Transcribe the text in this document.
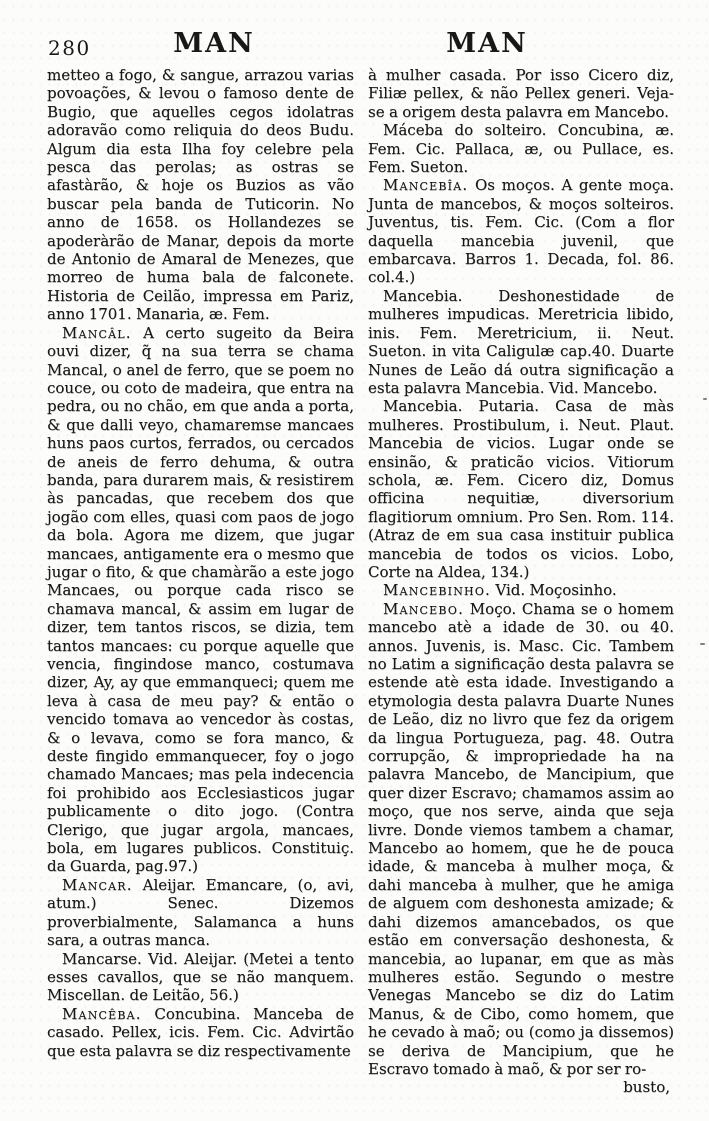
280	MAN	MAN

metteo a fogo, & sangue, arrazou varias povoações, & levou o famoso dente de Bugio, que aquelles cegos idolatras adoravão como reliquia do deos Budu. Algum dia esta Ilha foy celebre pela pesca das perolas; as ostras se afastàrão, & hoje os Buzios as vão buscar pela banda de Tuticorin. No anno de 1658. os Hollandezes se apoderàrão de Manar, depois da morte de Antonio de Amaral de Menezes, que morreo de huma bala de falconete. Historia de Ceilão, impressa em Pariz, anno 1701. Manaria, æ. Fem.

Mancâl. A certo sugeito da Beira ouvi dizer, q̃ na sua terra se chama Mancal, o anel de ferro, que se poem no couce, ou coto de madeira, que entra na pedra, ou no chão, em que anda a porta, & que dalli veyo, chamaremse mancaes huns paos curtos, ferrados, ou cercados de aneis de ferro dehuma, & outra banda, para durarem mais, & resistirem às pancadas, que recebem dos que jogão com elles, quasi com paos de jogo da bola. Agora me dizem, que jugar mancaes, antigamente era o mesmo que jugar o fito, & que chamàrão a este jogo Mancaes, ou porque cada risco se chamava mancal, & assim em lugar de dizer, tem tantos riscos, se dizia, tem tantos mancaes: cu porque aquelle que vencia, fingindose manco, costumava dizer, Ay, ay que emmanqueci; quem me leva à casa de meu pay? & então o vencido tomava ao vencedor às costas, & o levava, como se fora manco, & deste fingido emmanquecer, foy o jogo chamado Mancaes; mas pela indecencia foi prohibido aos Ecclesiasticos jugar publicamente o dito jogo. (Contra Clerigo, que jugar argola, mancaes, bola, em lugares publicos. Constituiç. da Guarda, pag.97.)

Mancar. Aleijar. Emancare, (o, avi, atum.) Senec. Dizemos proverbialmente, Salamanca a huns sara, a outras manca.

Mancarse. Vid. Aleijar. (Metei a tento esses cavallos, que se não manquem. Miscellan. de Leitão, 56.)

Mancêba. Concubina. Manceba de casado. Pellex, icis. Fem. Cic. Advirtão que esta palavra se diz respectivamente

à mulher casada. Por isso Cicero diz, Filiæ pellex, & não Pellex generi. Veja-se a origem desta palavra em Mancebo.

Máceba do solteiro. Concubina, æ. Fem. Cic. Pallaca, æ, ou Pullace, es. Fem. Sueton.

Mancebîa. Os moços. A gente moça. Junta de mancebos, & moços solteiros. Juventus, tis. Fem. Cic. (Com a flor daquella mancebia juvenil, que embarcava. Barros 1. Decada, fol. 86. col.4.)

Mancebia. Deshonestidade de mulheres impudicas. Meretricia libido, inis. Fem. Meretricium, ii. Neut. Sueton. in vita Caligulæ cap.40. Duarte Nunes de Leão dá outra significação a esta palavra Mancebia. Vid. Mancebo.

Mancebia. Putaria. Casa de màs mulheres. Prostibulum, i. Neut. Plaut. Mancebia de vicios. Lugar onde se ensinão, & praticão vicios. Vitiorum schola, æ. Fem. Cicero diz, Domus officina nequitiæ, diversorium flagitiorum omnium. Pro Sen. Rom. 114. (Atraz de em sua casa instituir publica mancebia de todos os vicios. Lobo, Corte na Aldea, 134.)

Mancebinho. Vid. Moçosinho.

Mancebo. Moço. Chama se o homem mancebo atè a idade de 30. ou 40. annos. Juvenis, is. Masc. Cic. Tambem no Latim a significação desta palavra se estende atè esta idade. Investigando a etymologia desta palavra Duarte Nunes de Leão, diz no livro que fez da origem da lingua Portugueza, pag. 48. Outra corrupção, & impropriedade ha na palavra Mancebo, de Mancipium, que quer dizer Escravo; chamamos assim ao moço, que nos serve, ainda que seja livre. Donde viemos tambem a chamar, Mancebo ao homem, que he de pouca idade, & manceba à mulher moça, & dahi manceba à mulher, que he amiga de alguem com deshonesta amizade; & dahi dizemos amancebados, os que estão em conversação deshonesta, & mancebia, ao lupanar, em que as màs mulheres estão. Segundo o mestre Venegas Mancebo se diz do Latim Manus, & de Cibo, como homem, que he cevado à maõ; ou (como ja dissemos) se deriva de Mancipium, que he Escravo tomado à maõ, & por ser ro-

busto,
